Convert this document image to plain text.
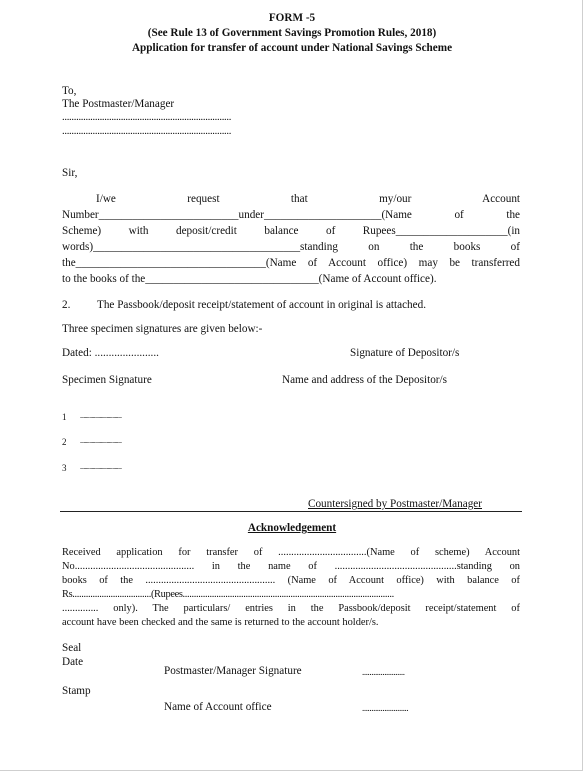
FORM -5
(See Rule 13 of Government Savings Promotion Rules, 2018)
Application for transfer of account under National Savings Scheme
To,
The Postmaster/Manager
........................................................................
........................................................................
Sir,
I/we	request	that	my/our	Account
Number_________________________under_____________________(Name	of	the
Scheme) with deposit/credit balance of Rupees____________________(in
words)_____________________________________standing	on	the	books	of
the__________________________________(Name of Account office) may be transferred
to the books of the_______________________________(Name of Account office).
2. The Passbook/deposit receipt/statement of account in original is attached.
Three specimen signatures are given below:-
Dated: .......................	Signature of Depositor/s
Specimen Signature	Name and address of the Depositor/s
1 ....................................
2 ....................................
3 ....................................
Countersigned by Postmaster/Manager
Acknowledgement
Received application for transfer of ..................................(Name of scheme) Account
No.............................................. in the name of ...............................................standing on
books of the .................................................. (Name of Account office) with balance of
Rs...................................(Rupees..............................................................................................
.............. only). The particulars/ entries in the Passbook/deposit receipt/statement of
account have been checked and the same is returned to the account holder/s.
Seal
Date
Postmaster/Manager Signature	.......................
Stamp
Name of Account office	.........................
